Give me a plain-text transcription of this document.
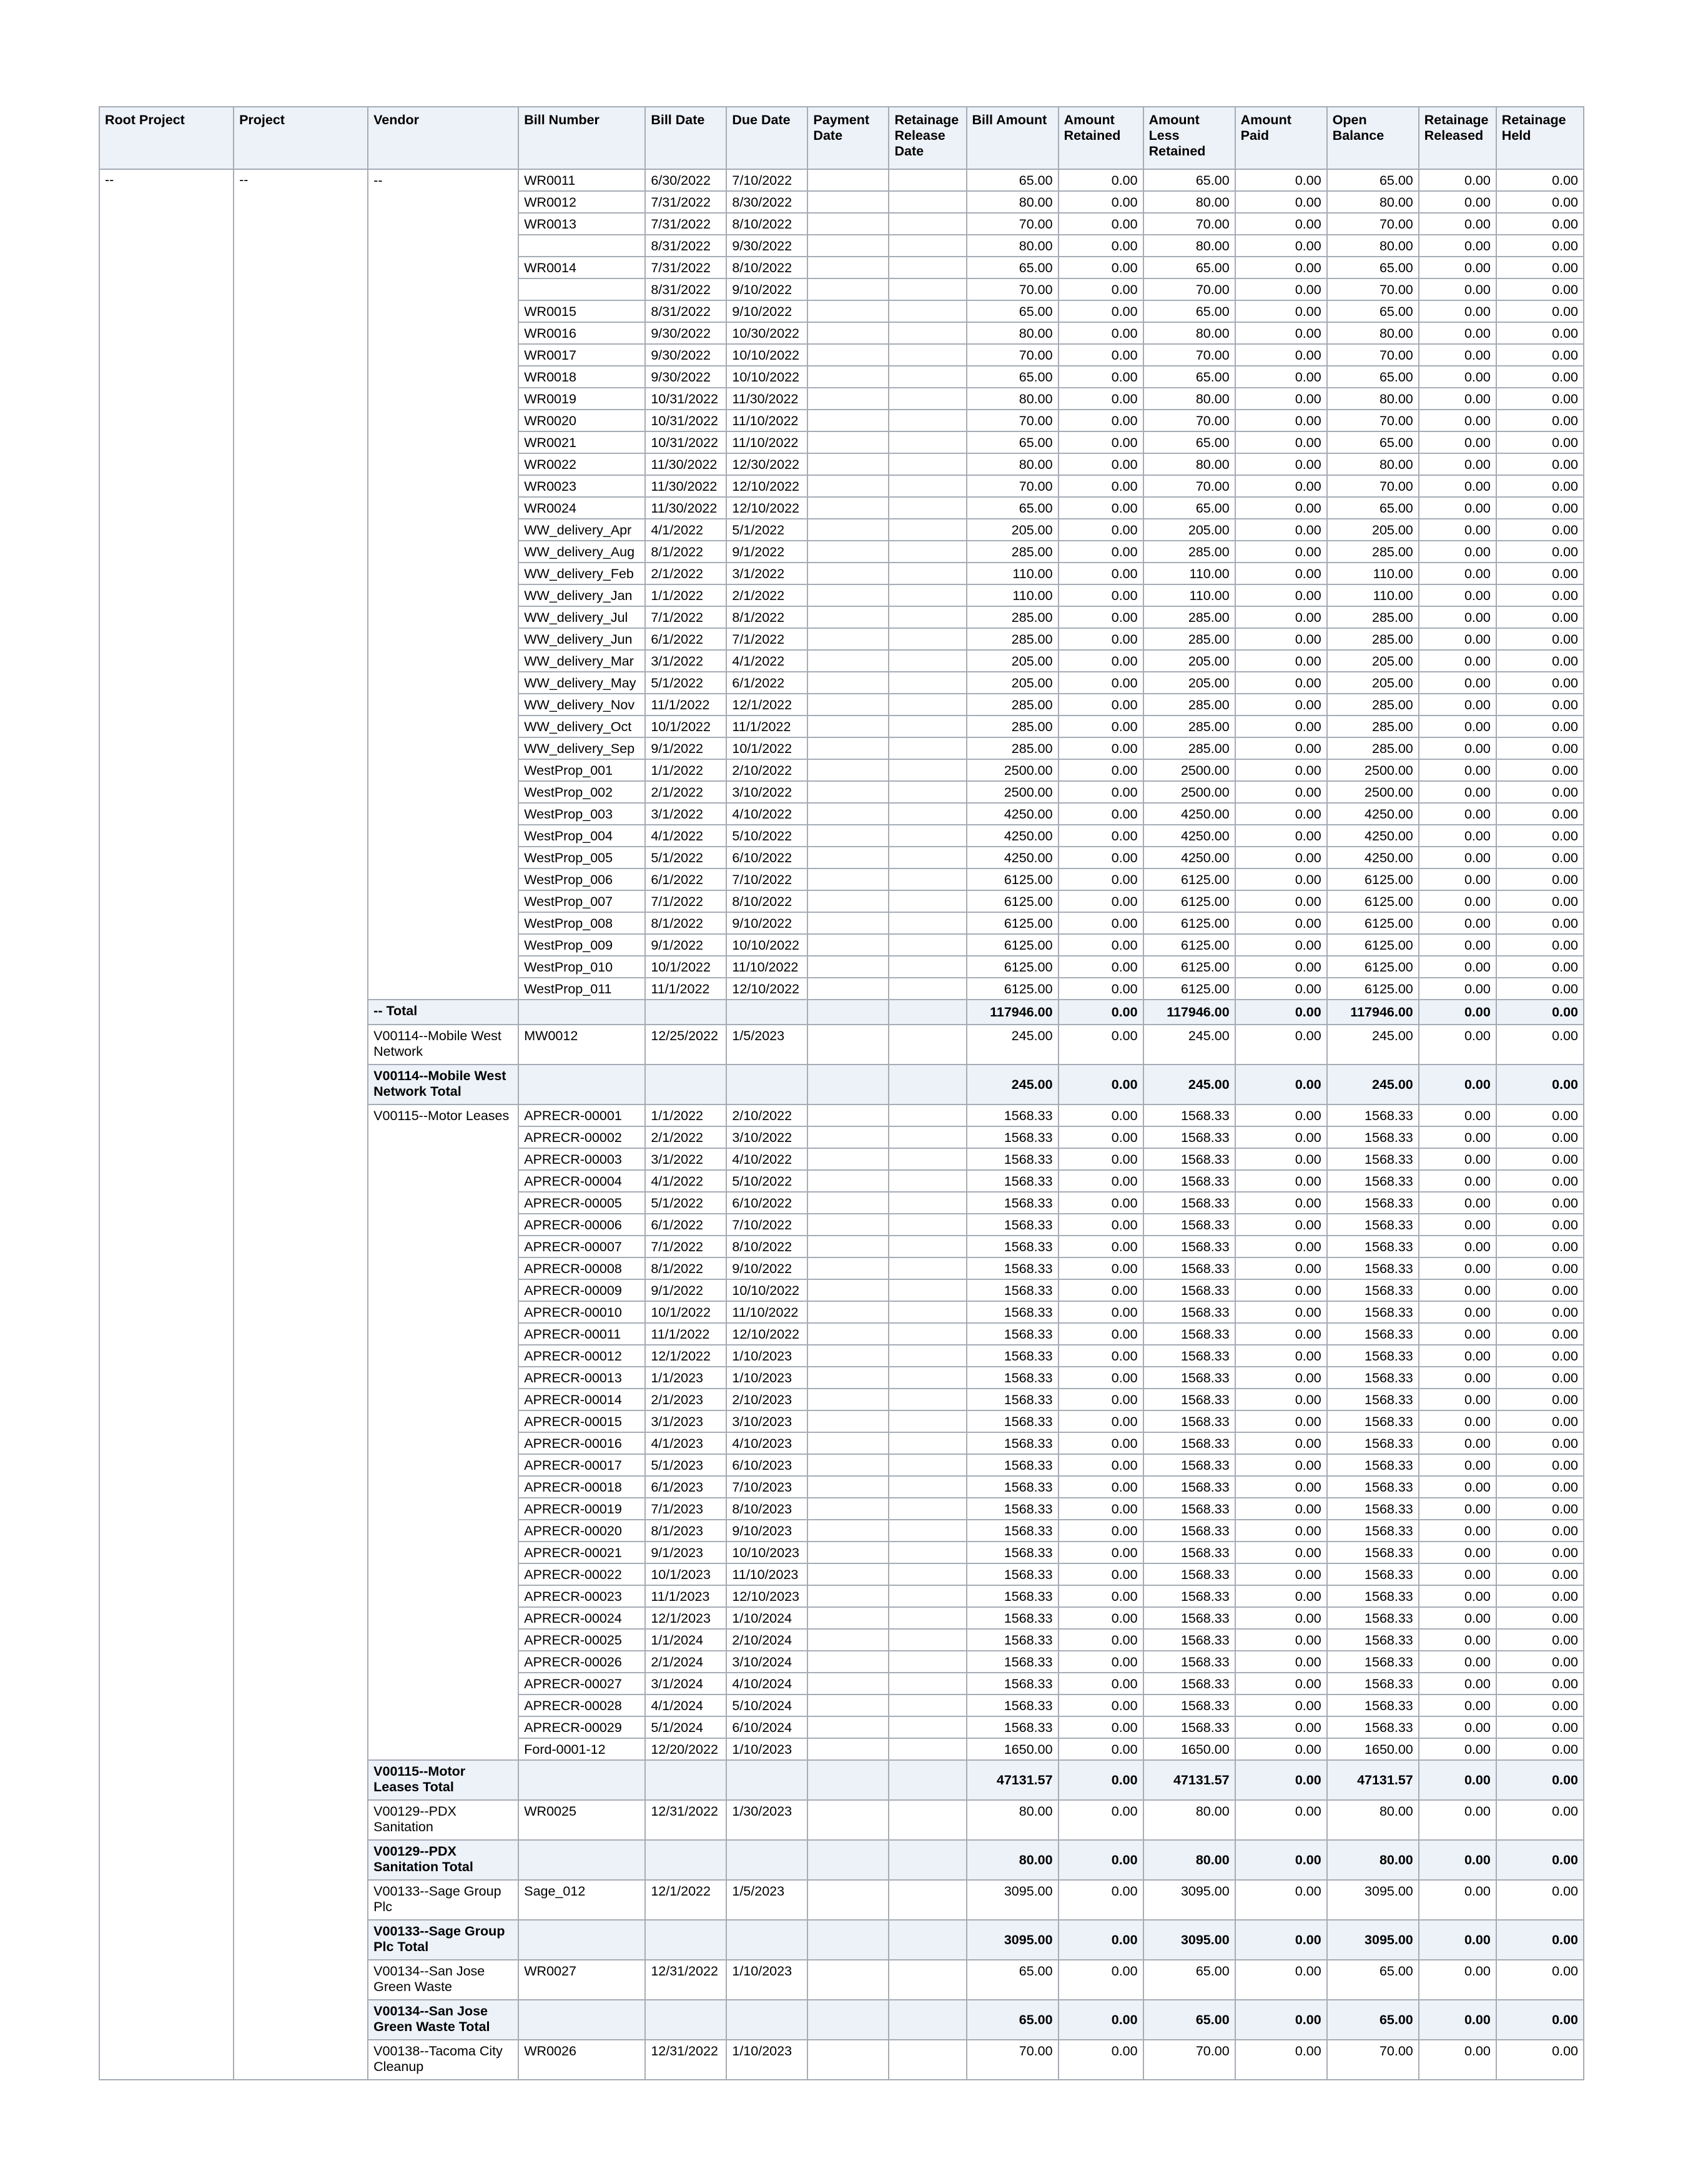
Root Project	Project	Vendor	Bill Number	Bill Date	Due Date	Payment Date	Retainage Release Date	Bill Amount	Amount Retained	Amount Less Retained	Amount Paid	Open Balance	Retainage Released	Retainage Held
--	--	--	WR0011	6/30/2022	7/10/2022			65.00	0.00	65.00	0.00	65.00	0.00	0.00
			WR0012	7/31/2022	8/30/2022			80.00	0.00	80.00	0.00	80.00	0.00	0.00
			WR0013	7/31/2022	8/10/2022			70.00	0.00	70.00	0.00	70.00	0.00	0.00
				8/31/2022	9/30/2022			80.00	0.00	80.00	0.00	80.00	0.00	0.00
			WR0014	7/31/2022	8/10/2022			65.00	0.00	65.00	0.00	65.00	0.00	0.00
				8/31/2022	9/10/2022			70.00	0.00	70.00	0.00	70.00	0.00	0.00
			WR0015	8/31/2022	9/10/2022			65.00	0.00	65.00	0.00	65.00	0.00	0.00
			WR0016	9/30/2022	10/30/2022			80.00	0.00	80.00	0.00	80.00	0.00	0.00
			WR0017	9/30/2022	10/10/2022			70.00	0.00	70.00	0.00	70.00	0.00	0.00
			WR0018	9/30/2022	10/10/2022			65.00	0.00	65.00	0.00	65.00	0.00	0.00
			WR0019	10/31/2022	11/30/2022			80.00	0.00	80.00	0.00	80.00	0.00	0.00
			WR0020	10/31/2022	11/10/2022			70.00	0.00	70.00	0.00	70.00	0.00	0.00
			WR0021	10/31/2022	11/10/2022			65.00	0.00	65.00	0.00	65.00	0.00	0.00
			WR0022	11/30/2022	12/30/2022			80.00	0.00	80.00	0.00	80.00	0.00	0.00
			WR0023	11/30/2022	12/10/2022			70.00	0.00	70.00	0.00	70.00	0.00	0.00
			WR0024	11/30/2022	12/10/2022			65.00	0.00	65.00	0.00	65.00	0.00	0.00
			WW_delivery_Apr	4/1/2022	5/1/2022			205.00	0.00	205.00	0.00	205.00	0.00	0.00
			WW_delivery_Aug	8/1/2022	9/1/2022			285.00	0.00	285.00	0.00	285.00	0.00	0.00
			WW_delivery_Feb	2/1/2022	3/1/2022			110.00	0.00	110.00	0.00	110.00	0.00	0.00
			WW_delivery_Jan	1/1/2022	2/1/2022			110.00	0.00	110.00	0.00	110.00	0.00	0.00
			WW_delivery_Jul	7/1/2022	8/1/2022			285.00	0.00	285.00	0.00	285.00	0.00	0.00
			WW_delivery_Jun	6/1/2022	7/1/2022			285.00	0.00	285.00	0.00	285.00	0.00	0.00
			WW_delivery_Mar	3/1/2022	4/1/2022			205.00	0.00	205.00	0.00	205.00	0.00	0.00
			WW_delivery_May	5/1/2022	6/1/2022			205.00	0.00	205.00	0.00	205.00	0.00	0.00
			WW_delivery_Nov	11/1/2022	12/1/2022			285.00	0.00	285.00	0.00	285.00	0.00	0.00
			WW_delivery_Oct	10/1/2022	11/1/2022			285.00	0.00	285.00	0.00	285.00	0.00	0.00
			WW_delivery_Sep	9/1/2022	10/1/2022			285.00	0.00	285.00	0.00	285.00	0.00	0.00
			WestProp_001	1/1/2022	2/10/2022			2500.00	0.00	2500.00	0.00	2500.00	0.00	0.00
			WestProp_002	2/1/2022	3/10/2022			2500.00	0.00	2500.00	0.00	2500.00	0.00	0.00
			WestProp_003	3/1/2022	4/10/2022			4250.00	0.00	4250.00	0.00	4250.00	0.00	0.00
			WestProp_004	4/1/2022	5/10/2022			4250.00	0.00	4250.00	0.00	4250.00	0.00	0.00
			WestProp_005	5/1/2022	6/10/2022			4250.00	0.00	4250.00	0.00	4250.00	0.00	0.00
			WestProp_006	6/1/2022	7/10/2022			6125.00	0.00	6125.00	0.00	6125.00	0.00	0.00
			WestProp_007	7/1/2022	8/10/2022			6125.00	0.00	6125.00	0.00	6125.00	0.00	0.00
			WestProp_008	8/1/2022	9/10/2022			6125.00	0.00	6125.00	0.00	6125.00	0.00	0.00
			WestProp_009	9/1/2022	10/10/2022			6125.00	0.00	6125.00	0.00	6125.00	0.00	0.00
			WestProp_010	10/1/2022	11/10/2022			6125.00	0.00	6125.00	0.00	6125.00	0.00	0.00
			WestProp_011	11/1/2022	12/10/2022			6125.00	0.00	6125.00	0.00	6125.00	0.00	0.00
		-- Total						117946.00	0.00	117946.00	0.00	117946.00	0.00	0.00
		V00114--Mobile West Network	MW0012	12/25/2022	1/5/2023			245.00	0.00	245.00	0.00	245.00	0.00	0.00
		V00114--Mobile West Network Total						245.00	0.00	245.00	0.00	245.00	0.00	0.00
		V00115--Motor Leases	APRECR-00001	1/1/2022	2/10/2022			1568.33	0.00	1568.33	0.00	1568.33	0.00	0.00
			APRECR-00002	2/1/2022	3/10/2022			1568.33	0.00	1568.33	0.00	1568.33	0.00	0.00
			APRECR-00003	3/1/2022	4/10/2022			1568.33	0.00	1568.33	0.00	1568.33	0.00	0.00
			APRECR-00004	4/1/2022	5/10/2022			1568.33	0.00	1568.33	0.00	1568.33	0.00	0.00
			APRECR-00005	5/1/2022	6/10/2022			1568.33	0.00	1568.33	0.00	1568.33	0.00	0.00
			APRECR-00006	6/1/2022	7/10/2022			1568.33	0.00	1568.33	0.00	1568.33	0.00	0.00
			APRECR-00007	7/1/2022	8/10/2022			1568.33	0.00	1568.33	0.00	1568.33	0.00	0.00
			APRECR-00008	8/1/2022	9/10/2022			1568.33	0.00	1568.33	0.00	1568.33	0.00	0.00
			APRECR-00009	9/1/2022	10/10/2022			1568.33	0.00	1568.33	0.00	1568.33	0.00	0.00
			APRECR-00010	10/1/2022	11/10/2022			1568.33	0.00	1568.33	0.00	1568.33	0.00	0.00
			APRECR-00011	11/1/2022	12/10/2022			1568.33	0.00	1568.33	0.00	1568.33	0.00	0.00
			APRECR-00012	12/1/2022	1/10/2023			1568.33	0.00	1568.33	0.00	1568.33	0.00	0.00
			APRECR-00013	1/1/2023	1/10/2023			1568.33	0.00	1568.33	0.00	1568.33	0.00	0.00
			APRECR-00014	2/1/2023	2/10/2023			1568.33	0.00	1568.33	0.00	1568.33	0.00	0.00
			APRECR-00015	3/1/2023	3/10/2023			1568.33	0.00	1568.33	0.00	1568.33	0.00	0.00
			APRECR-00016	4/1/2023	4/10/2023			1568.33	0.00	1568.33	0.00	1568.33	0.00	0.00
			APRECR-00017	5/1/2023	6/10/2023			1568.33	0.00	1568.33	0.00	1568.33	0.00	0.00
			APRECR-00018	6/1/2023	7/10/2023			1568.33	0.00	1568.33	0.00	1568.33	0.00	0.00
			APRECR-00019	7/1/2023	8/10/2023			1568.33	0.00	1568.33	0.00	1568.33	0.00	0.00
			APRECR-00020	8/1/2023	9/10/2023			1568.33	0.00	1568.33	0.00	1568.33	0.00	0.00
			APRECR-00021	9/1/2023	10/10/2023			1568.33	0.00	1568.33	0.00	1568.33	0.00	0.00
			APRECR-00022	10/1/2023	11/10/2023			1568.33	0.00	1568.33	0.00	1568.33	0.00	0.00
			APRECR-00023	11/1/2023	12/10/2023			1568.33	0.00	1568.33	0.00	1568.33	0.00	0.00
			APRECR-00024	12/1/2023	1/10/2024			1568.33	0.00	1568.33	0.00	1568.33	0.00	0.00
			APRECR-00025	1/1/2024	2/10/2024			1568.33	0.00	1568.33	0.00	1568.33	0.00	0.00
			APRECR-00026	2/1/2024	3/10/2024			1568.33	0.00	1568.33	0.00	1568.33	0.00	0.00
			APRECR-00027	3/1/2024	4/10/2024			1568.33	0.00	1568.33	0.00	1568.33	0.00	0.00
			APRECR-00028	4/1/2024	5/10/2024			1568.33	0.00	1568.33	0.00	1568.33	0.00	0.00
			APRECR-00029	5/1/2024	6/10/2024			1568.33	0.00	1568.33	0.00	1568.33	0.00	0.00
			Ford-0001-12	12/20/2022	1/10/2023			1650.00	0.00	1650.00	0.00	1650.00	0.00	0.00
		V00115--Motor Leases Total						47131.57	0.00	47131.57	0.00	47131.57	0.00	0.00
		V00129--PDX Sanitation	WR0025	12/31/2022	1/30/2023			80.00	0.00	80.00	0.00	80.00	0.00	0.00
		V00129--PDX Sanitation Total						80.00	0.00	80.00	0.00	80.00	0.00	0.00
		V00133--Sage Group Plc	Sage_012	12/1/2022	1/5/2023			3095.00	0.00	3095.00	0.00	3095.00	0.00	0.00
		V00133--Sage Group Plc Total						3095.00	0.00	3095.00	0.00	3095.00	0.00	0.00
		V00134--San Jose Green Waste	WR0027	12/31/2022	1/10/2023			65.00	0.00	65.00	0.00	65.00	0.00	0.00
		V00134--San Jose Green Waste Total						65.00	0.00	65.00	0.00	65.00	0.00	0.00
		V00138--Tacoma City Cleanup	WR0026	12/31/2022	1/10/2023			70.00	0.00	70.00	0.00	70.00	0.00	0.00
